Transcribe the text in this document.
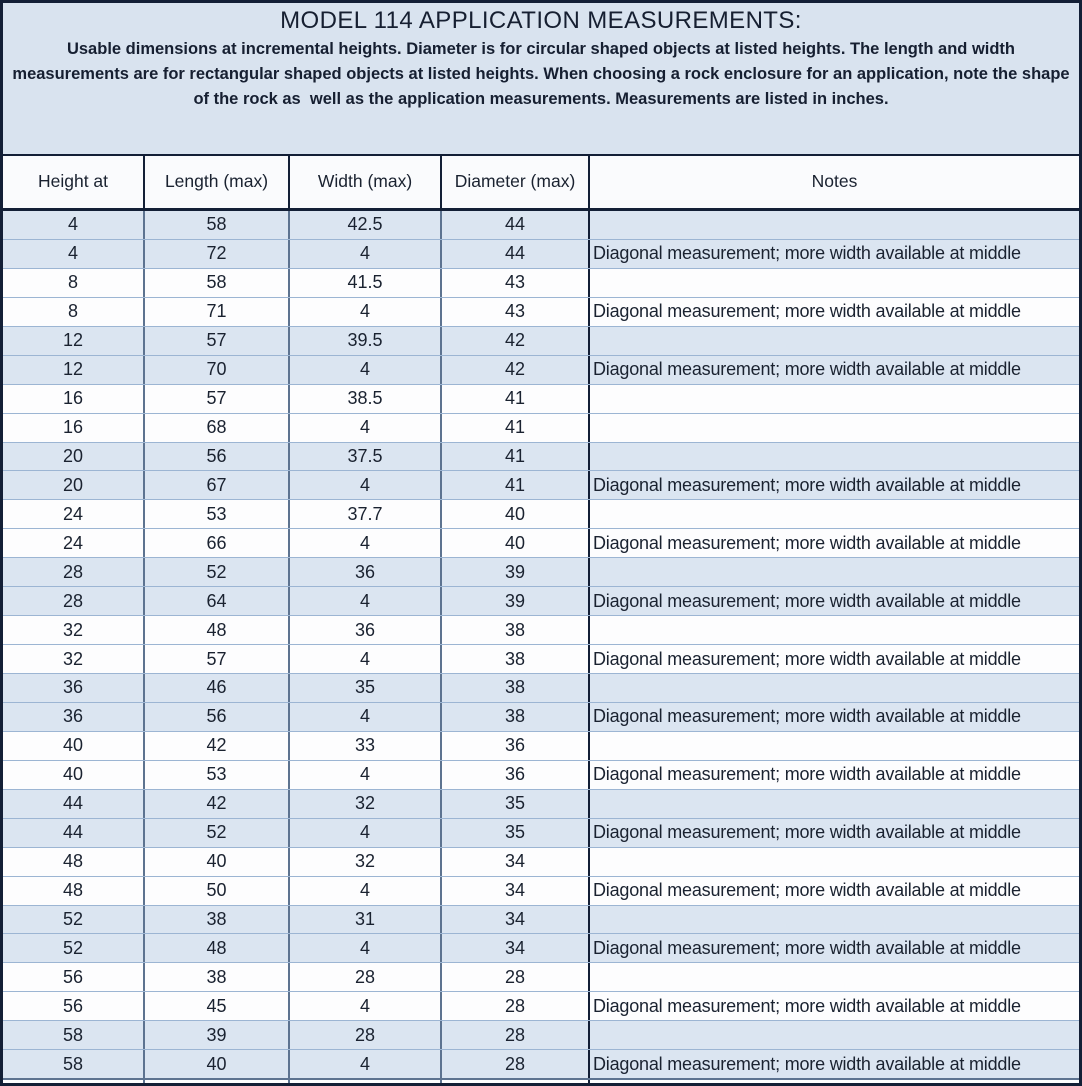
MODEL 114 APPLICATION MEASUREMENTS:
Usable dimensions at incremental heights. Diameter is for circular shaped objects at listed heights. The length and width measurements are for rectangular shaped objects at listed heights. When choosing a rock enclosure for an application, note the shape of the rock as  well as the application measurements. Measurements are listed in inches.
Height at	Length (max)	Width (max)	Diameter (max)	Notes
4	58	42.5	44
4	72	4	44	Diagonal measurement; more width available at middle
8	58	41.5	43
8	71	4	43	Diagonal measurement; more width available at middle
12	57	39.5	42
12	70	4	42	Diagonal measurement; more width available at middle
16	57	38.5	41
16	68	4	41
20	56	37.5	41
20	67	4	41	Diagonal measurement; more width available at middle
24	53	37.7	40
24	66	4	40	Diagonal measurement; more width available at middle
28	52	36	39
28	64	4	39	Diagonal measurement; more width available at middle
32	48	36	38
32	57	4	38	Diagonal measurement; more width available at middle
36	46	35	38
36	56	4	38	Diagonal measurement; more width available at middle
40	42	33	36
40	53	4	36	Diagonal measurement; more width available at middle
44	42	32	35
44	52	4	35	Diagonal measurement; more width available at middle
48	40	32	34
48	50	4	34	Diagonal measurement; more width available at middle
52	38	31	34
52	48	4	34	Diagonal measurement; more width available at middle
56	38	28	28
56	45	4	28	Diagonal measurement; more width available at middle
58	39	28	28
58	40	4	28	Diagonal measurement; more width available at middle
